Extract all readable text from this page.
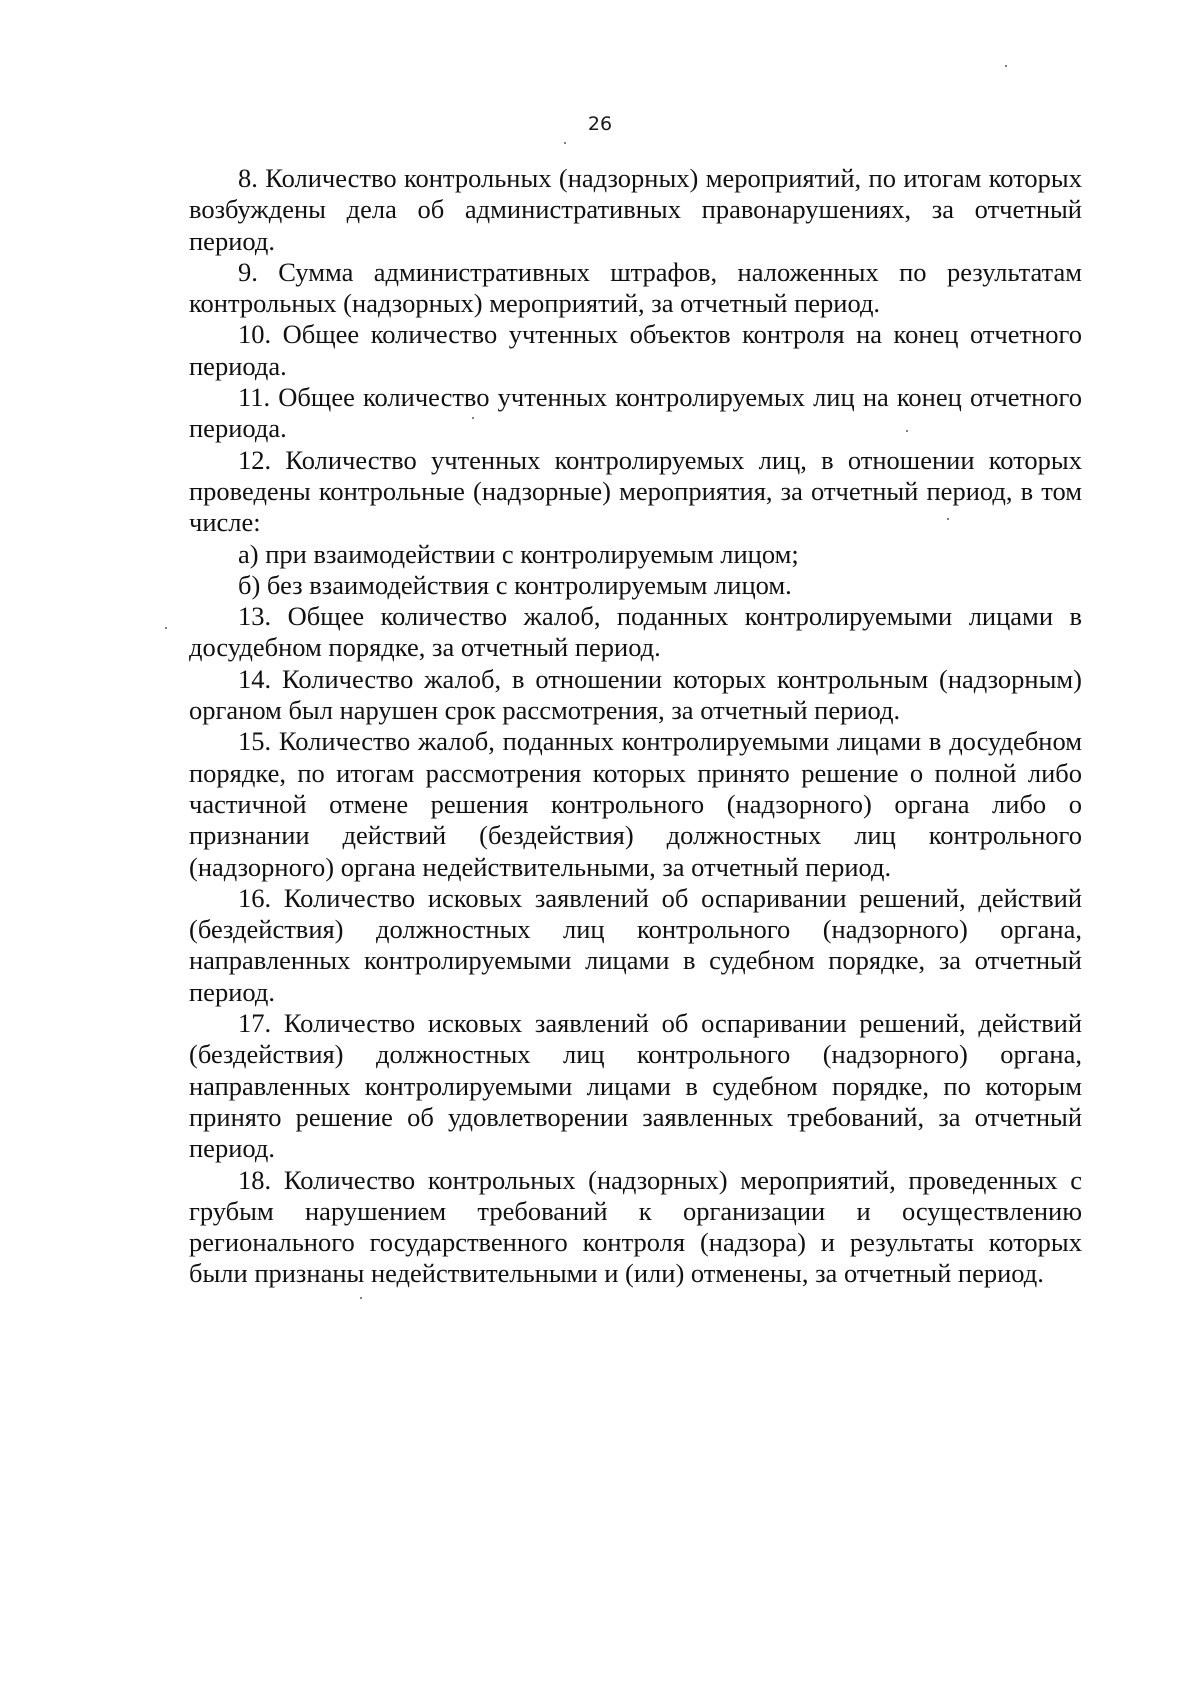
26

8. Количество контрольных (надзорных) мероприятий, по итогам которых возбуждены дела об административных правонарушениях, за отчетный период.

9. Сумма административных штрафов, наложенных по результатам контрольных (надзорных) мероприятий, за отчетный период.

10. Общее количество учтенных объектов контроля на конец отчетного периода.

11. Общее количество учтенных контролируемых лиц на конец отчетного периода.

12. Количество учтенных контролируемых лиц, в отношении которых проведены контрольные (надзорные) мероприятия, за отчетный период, в том числе:

а) при взаимодействии с контролируемым лицом;

б) без взаимодействия с контролируемым лицом.

13. Общее количество жалоб, поданных контролируемыми лицами в досудебном порядке, за отчетный период.

14. Количество жалоб, в отношении которых контрольным (надзорным) органом был нарушен срок рассмотрения, за отчетный период.

15. Количество жалоб, поданных контролируемыми лицами в досудебном порядке, по итогам рассмотрения которых принято решение о полной либо частичной отмене решения контрольного (надзорного) органа либо о признании действий (бездействия) должностных лиц контрольного (надзорного) органа недействительными, за отчетный период.

16. Количество исковых заявлений об оспаривании решений, действий (бездействия) должностных лиц контрольного (надзорного) органа, направленных контролируемыми лицами в судебном порядке, за отчетный период.

17. Количество исковых заявлений об оспаривании решений, действий (бездействия) должностных лиц контрольного (надзорного) органа, направленных контролируемыми лицами в судебном порядке, по которым принято решение об удовлетворении заявленных требований, за отчетный период.

18. Количество контрольных (надзорных) мероприятий, проведенных с грубым нарушением требований к организации и осуществлению регионального государственного контроля (надзора) и результаты которых были признаны недействительными и (или) отменены, за отчетный период.
